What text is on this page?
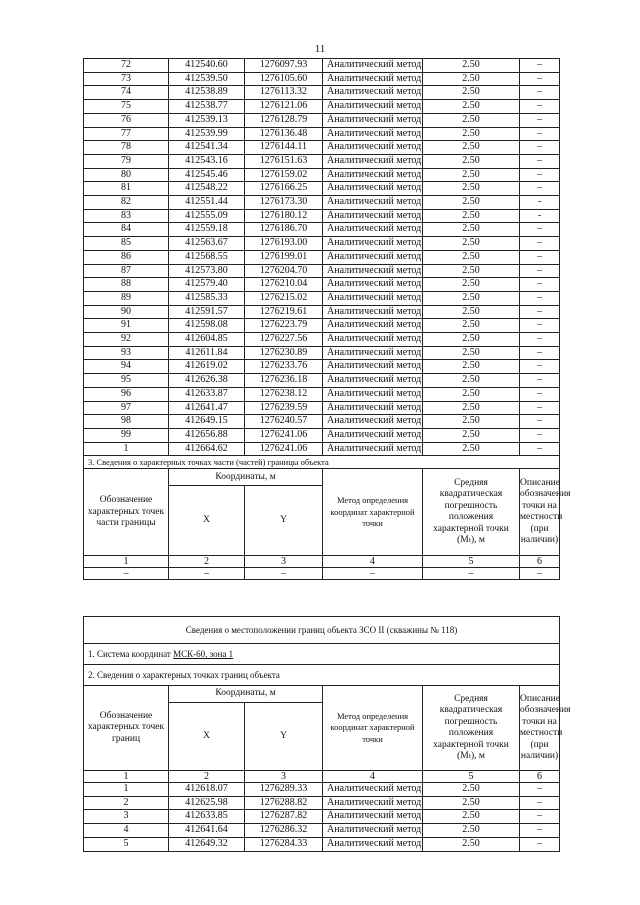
11
72	412540.60	1276097.93	Аналитический метод	2.50	–
73	412539.50	1276105.60	Аналитический метод	2.50	–
74	412538.89	1276113.32	Аналитический метод	2.50	–
75	412538.77	1276121.06	Аналитический метод	2.50	–
76	412539.13	1276128.79	Аналитический метод	2.50	–
77	412539.99	1276136.48	Аналитический метод	2.50	–
78	412541.34	1276144.11	Аналитический метод	2.50	–
79	412543.16	1276151.63	Аналитический метод	2.50	–
80	412545.46	1276159.02	Аналитический метод	2.50	–
81	412548.22	1276166.25	Аналитический метод	2.50	–
82	412551.44	1276173.30	Аналитический метод	2.50	-
83	412555.09	1276180.12	Аналитический метод	2.50	-
84	412559.18	1276186.70	Аналитический метод	2.50	–
85	412563.67	1276193.00	Аналитический метод	2.50	–
86	412568.55	1276199.01	Аналитический метод	2.50	–
87	412573.80	1276204.70	Аналитический метод	2.50	–
88	412579.40	1276210.04	Аналитический метод	2.50	–
89	412585.33	1276215.02	Аналитический метод	2.50	–
90	412591.57	1276219.61	Аналитический метод	2.50	–
91	412598.08	1276223.79	Аналитический метод	2.50	–
92	412604.85	1276227.56	Аналитический метод	2.50	–
93	412611.84	1276230.89	Аналитический метод	2.50	–
94	412619.02	1276233.76	Аналитический метод	2.50	–
95	412626.38	1276236.18	Аналитический метод	2.50	–
96	412633.87	1276238.12	Аналитический метод	2.50	–
97	412641.47	1276239.59	Аналитический метод	2.50	–
98	412649.15	1276240.57	Аналитический метод	2.50	–
99	412656.88	1276241.06	Аналитический метод	2.50	–
1	412664.62	1276241.06	Аналитический метод	2.50	–
3. Сведения о характерных точках части (частей) границы объекта					
Обозначение характерных точек части границы	Координаты, м		Метод определения координат характерной точки	Средняя квадратическая погрешность положения характерной точки (Мₜ), м	Описание обозначения точки на местности (при наличии)
	X	Y			
1	2	3	4	5	6
–	–	–	–	–	–
Сведения о местоположении границ объекта ЗСО II (скважины № 118)					
1. Система координат МСК-60, зона 1					
2. Сведения о характерных точках границ объекта					
Обозначение характерных точек границ	Координаты, м		Метод определения координат характерной точки	Средняя квадратическая погрешность положения характерной точки (Мₜ), м	Описание обозначения точки на местности (при наличии)
	X	Y			
1	2	3	4	5	6
1	412618.07	1276289.33	Аналитический метод	2.50	–
2	412625.98	1276288.82	Аналитический метод	2.50	–
3	412633.85	1276287.82	Аналитический метод	2.50	–
4	412641.64	1276286.32	Аналитический метод	2.50	–
5	412649.32	1276284.33	Аналитический метод	2.50	–
